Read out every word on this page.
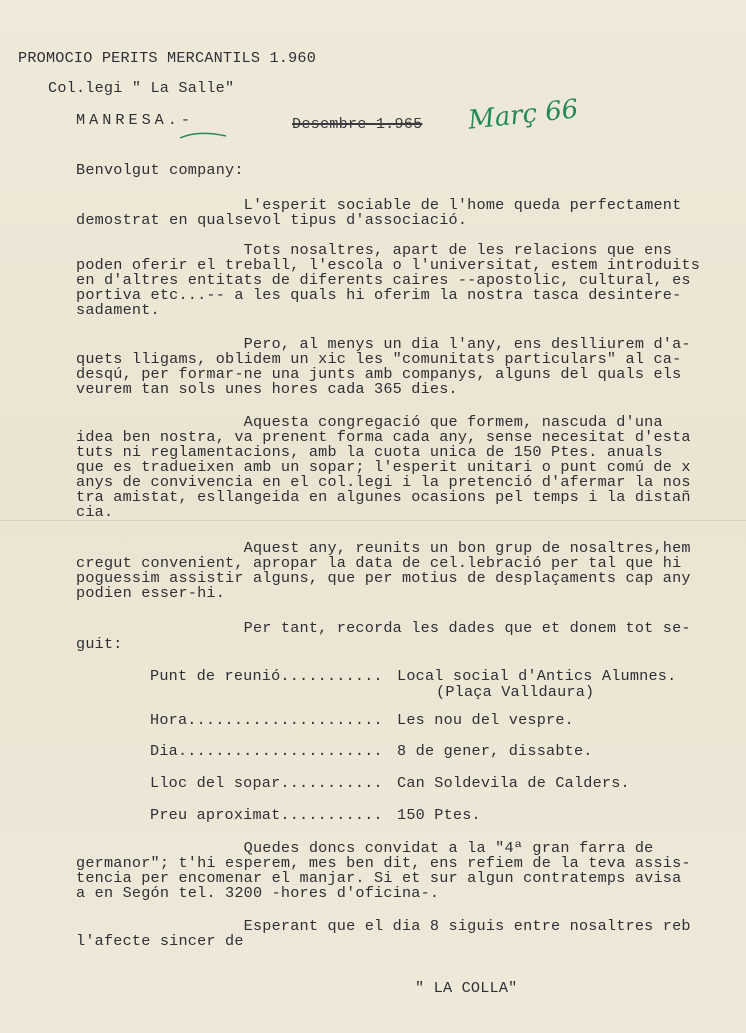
PROMOCIO PERITS MERCANTILS 1.960

Col.legi " La Salle"

MANRESA.-	Desembre 1.965 Març 66

Benvolgut company:

L'esperit sociable de l'home queda perfectament

demostrat en qualsevol tipus d'associació.

Tots nosaltres, apart de les relacions que ens

poden oferir el treball, l'escola o l'universitat, estem introduits

en d'altres entitats de diferents caires --apostolic, cultural, es

portiva etc...-- a les quals hi oferim la nostra tasca desintere-

sadament.

Pero, al menys un dia l'any, ens deslliurem d'a-

quets lligams, oblidem un xic les "comunitats particulars" al ca-

desqú, per formar-ne una junts amb companys, alguns del quals els

veurem tan sols unes hores cada 365 dies.

Aquesta congregació que formem, nascuda d'una

idea ben nostra, va prenent forma cada any, sense necesitat d'esta

tuts ni reglamentacions, amb la cuota unica de 150 Ptes. anuals

que es tradueixen amb un sopar; l'esperit unitari o punt comú de x

anys de convivencia en el col.legi i la pretenció d'afermar la nos

tra amistat, esllangeida en algunes ocasions pel temps i la distañ

cia.

Aquest any, reunits un bon grup de nosaltres,hem

cregut convenient, apropar la data de cel.lebració per tal que hi

poguessim assistir alguns, que per motius de desplaçaments cap any

podien esser-hi.

Per tant, recorda les dades que et donem tot se-

guit:

Punt de reunió........... Local social d'Antics Alumnes.

(Plaça Valldaura)

Hora..................... Les nou del vespre.

Dia...................... 8 de gener, dissabte.

Lloc del sopar........... Can Soldevila de Calders.

Preu aproximat........... 150 Ptes.

Quedes doncs convidat a la "4ª gran farra de

germanor"; t'hi esperem, mes ben dit, ens refiem de la teva assis-

tencia per encomenar el manjar. Si et sur algun contratemps avisa

a en Segón tel. 3200 -hores d'oficina-.

Esperant que el dia 8 siguis entre nosaltres reb

l'afecte sincer de

" LA COLLA"
